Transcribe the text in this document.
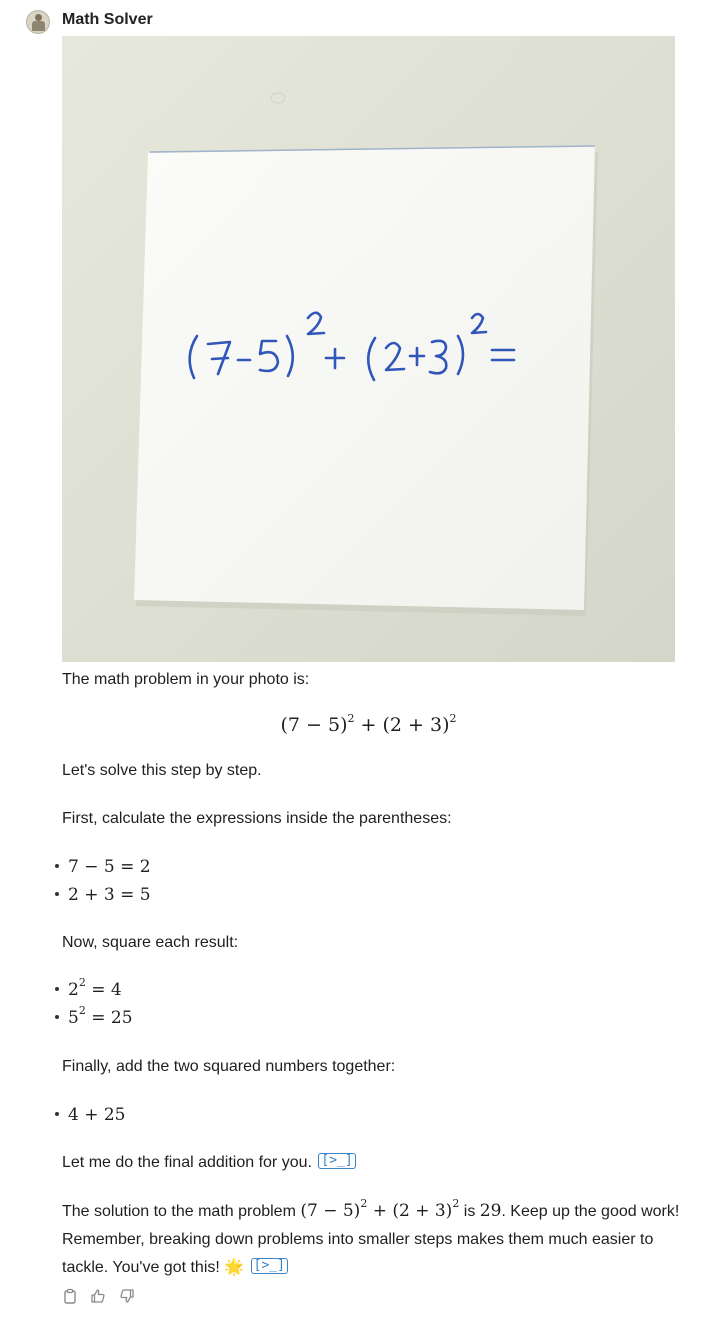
Math Solver
The math problem in your photo is:
$(7 - 5)^2 + (2 + 3)^2$
Let's solve this step by step.
First, calculate the expressions inside the parentheses:
7 − 5 = 2
2 + 3 = 5
Now, square each result:
$2^2 = 4$
$5^2 = 25$
Finally, add the two squared numbers together:
4 + 25
Let me do the final addition for you. [>_]
The solution to the math problem $(7 - 5)^2 + (2 + 3)^2$ is 29. Keep up the good work! Remember, breaking down problems into smaller steps makes them much easier to tackle. You've got this! 🌟 [>_]
